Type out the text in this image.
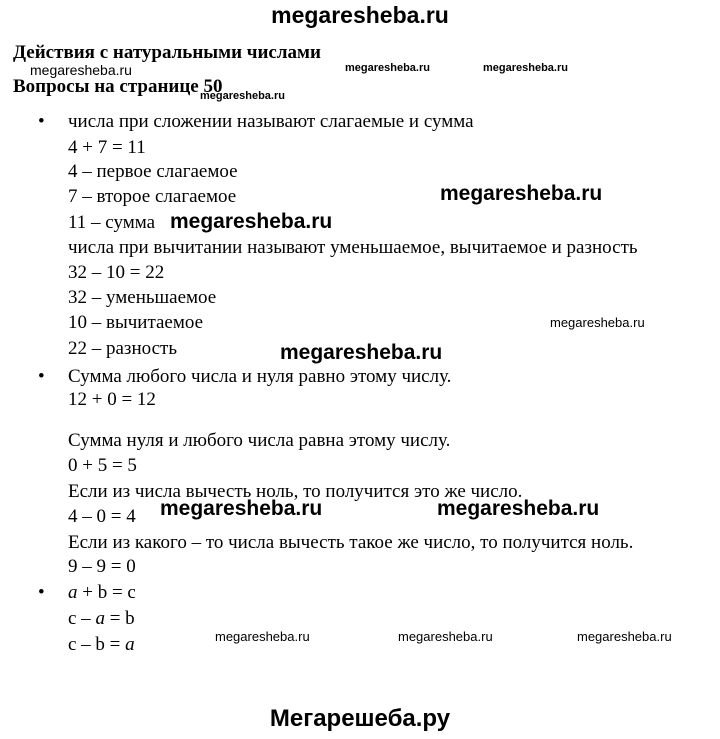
megaresheba.ru
Действия с натуральными числами
Вопросы на странице 50
megaresheba.ru	megaresheba.ru	megaresheba.ru
megaresheba.ru
• числа при сложении называют слагаемые и сумма
4 + 7 = 11
4 – первое слагаемое
7 – второе слагаемое
11 – сумма
числа при вычитании называют уменьшаемое, вычитаемое и разность
32 – 10 = 22
32 – уменьшаемое
10 – вычитаемое
22 – разность
• Сумма любого числа и нуля равно этому числу.
12 + 0 = 12
Сумма нуля и любого числа равна этому числу.
0 + 5 = 5
Если из числа вычесть ноль, то получится это же число.
4 – 0 = 4
Если из какого – то числа вычесть такое же число, то получится ноль.
9 – 9 = 0
• a + b = c
c – a = b
c – b = a
megaresheba.ru
megaresheba.ru
megaresheba.ru
megaresheba.ru	megaresheba.ru
megaresheba.ru
megaresheba.ru	megaresheba.ru	megaresheba.ru
Мегарешеба.ру
